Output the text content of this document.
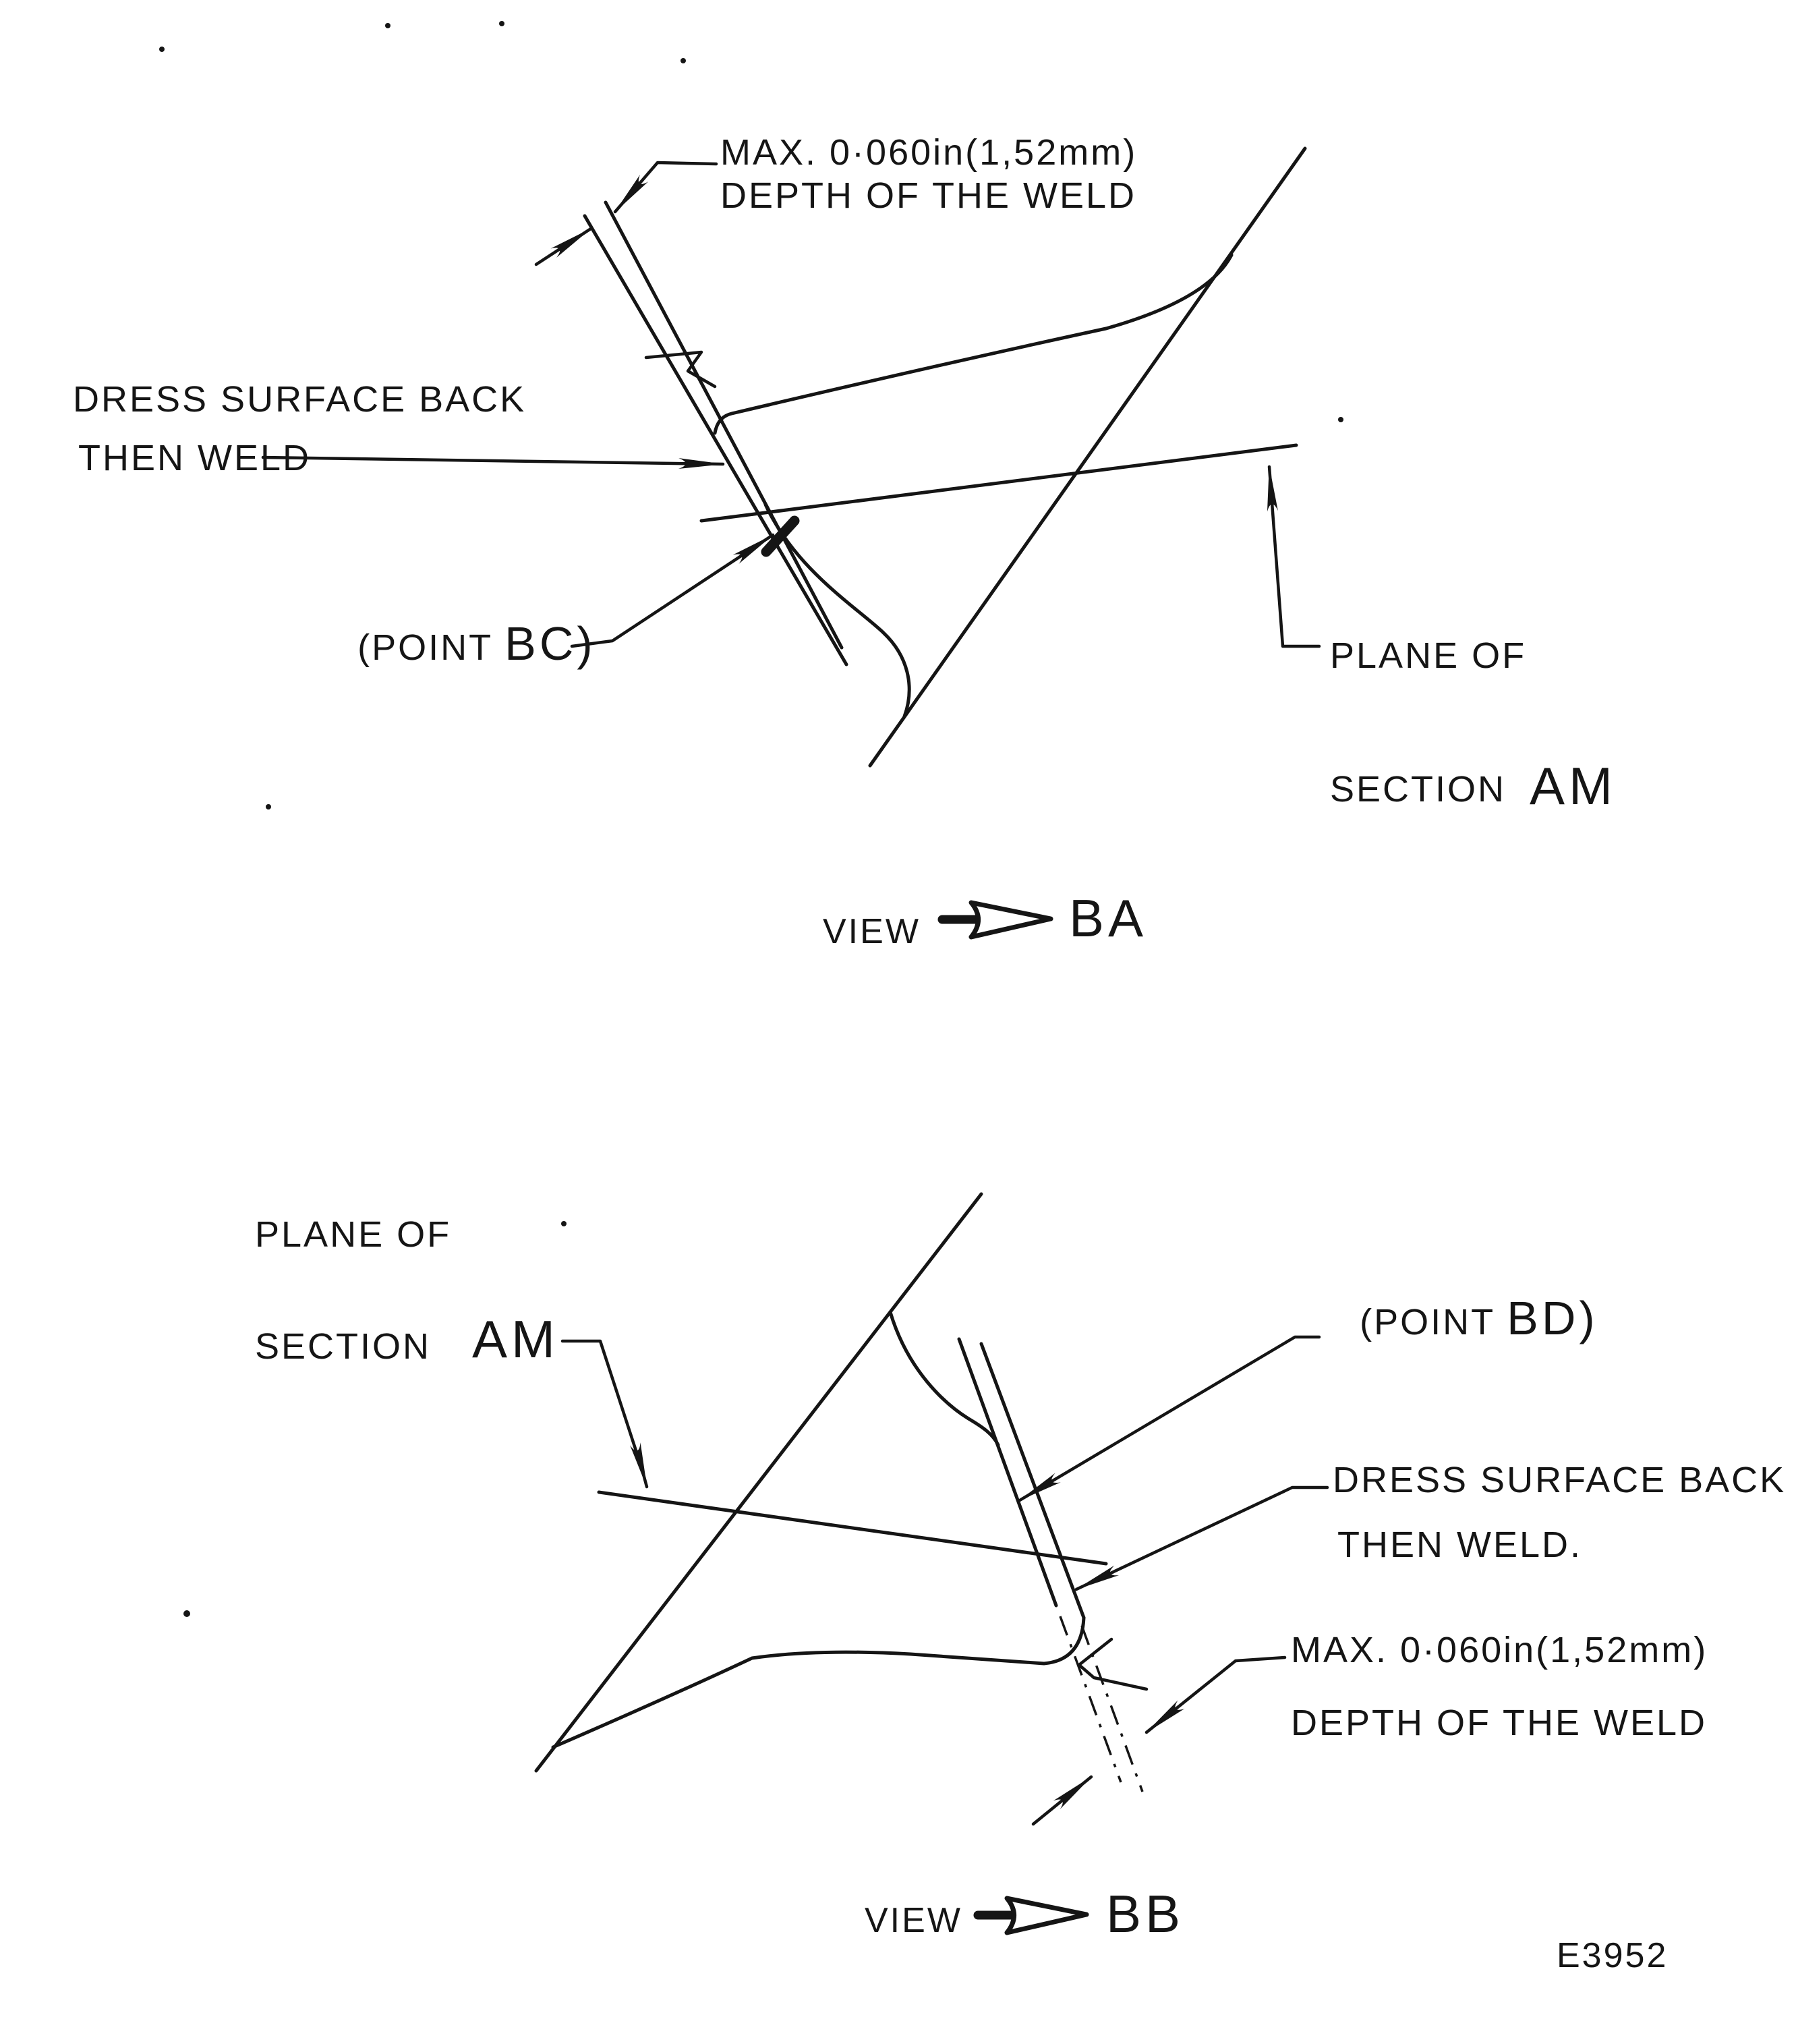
MAX. 0·060in(1,52mm)
DEPTH OF THE WELD
DRESS SURFACE BACK
THEN WELD
(POINT BC)	PLANE OF
SECTION AM
VIEW	BA
PLANE OF
SECTION AM	(POINT BD)
DRESS SURFACE BACK
THEN WELD.
MAX. 0·060in(1,52mm)
DEPTH OF THE WELD
VIEW	BB
E3952
